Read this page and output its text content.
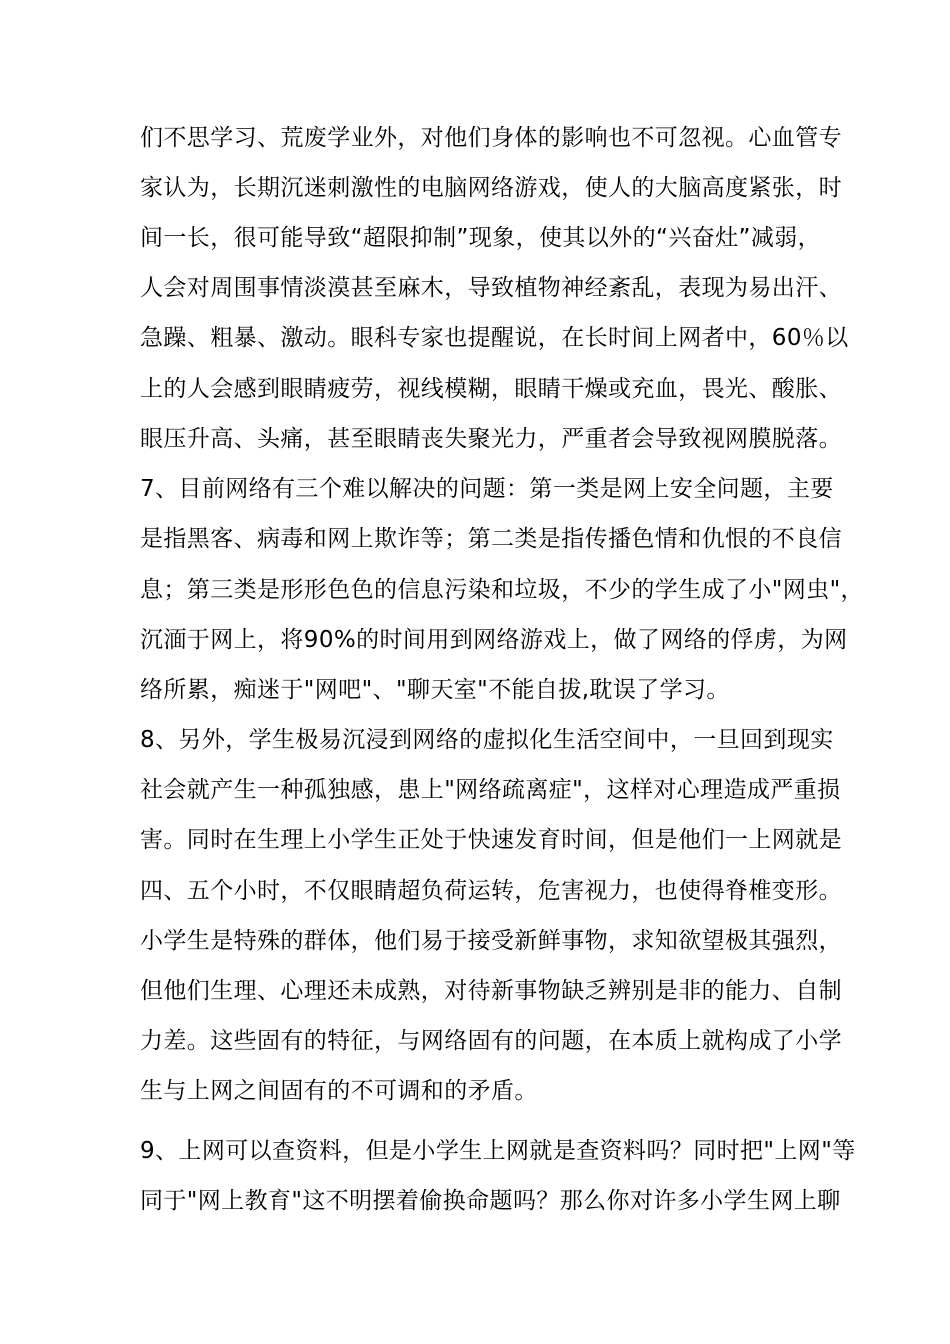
们不思学习、荒废学业外，对他们身体的影响也不可忽视。心血管专
家认为，长期沉迷刺激性的电脑网络游戏，使人的大脑高度紧张，时
间一长，很可能导致“超限抑制”现象，使其以外的“兴奋灶”减弱，
人会对周围事情淡漠甚至麻木，导致植物神经紊乱，表现为易出汗、
急躁、粗暴、激动。眼科专家也提醒说，在长时间上网者中，60％以
上的人会感到眼睛疲劳，视线模糊，眼睛干燥或充血，畏光、酸胀、
眼压升高、头痛，甚至眼睛丧失聚光力，严重者会导致视网膜脱落。
7、目前网络有三个难以解决的问题：第一类是网上安全问题，主要
是指黑客、病毒和网上欺诈等；第二类是指传播色情和仇恨的不良信
息；第三类是形形色色的信息污染和垃圾，不少的学生成了小"网虫"，
沉湎于网上，将90%的时间用到网络游戏上，做了网络的俘虏，为网
络所累，痴迷于"网吧"、"聊天室"不能自拔,耽误了学习。
8、另外，学生极易沉浸到网络的虚拟化生活空间中，一旦回到现实
社会就产生一种孤独感，患上"网络疏离症"，这样对心理造成严重损
害。同时在生理上小学生正处于快速发育时间，但是他们一上网就是
四、五个小时，不仅眼睛超负荷运转，危害视力，也使得脊椎变形。
小学生是特殊的群体，他们易于接受新鲜事物，求知欲望极其强烈，
但他们生理、心理还未成熟，对待新事物缺乏辨别是非的能力、自制
力差。这些固有的特征，与网络固有的问题，在本质上就构成了小学
生与上网之间固有的不可调和的矛盾。
9、上网可以查资料，但是小学生上网就是查资料吗？同时把"上网"等
同于"网上教育"这不明摆着偷换命题吗？那么你对许多小学生网上聊
